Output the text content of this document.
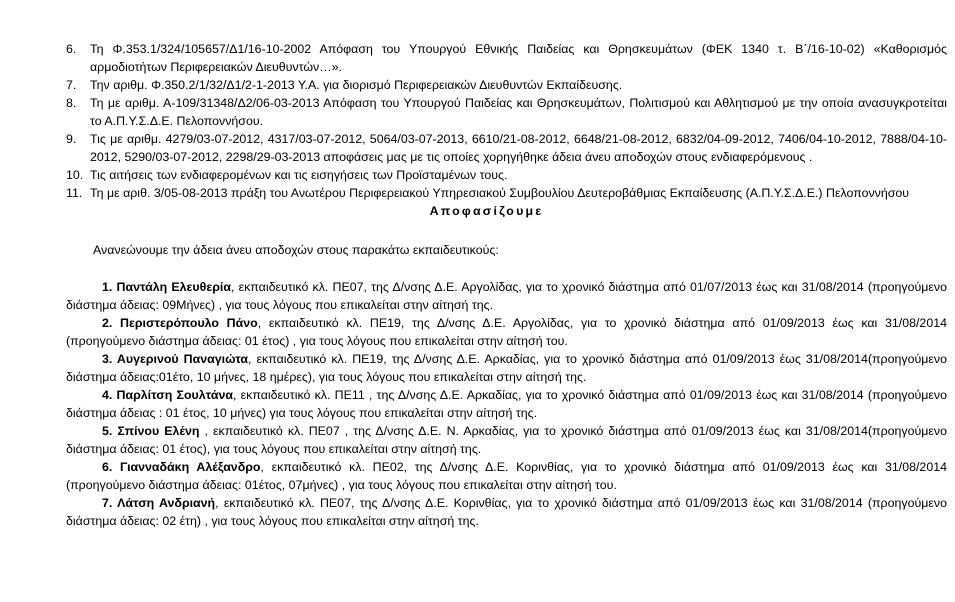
6. Τη Φ.353.1/324/105657/Δ1/16-10-2002 Απόφαση του Υπουργού Εθνικής Παιδείας και Θρησκευμάτων (ΦΕΚ 1340 τ. Β΄/16-10-02) «Καθορισμός αρμοδιοτήτων Περιφερειακών Διευθυντών…».
7. Την αριθμ. Φ.350.2/1/32/Δ1/2-1-2013 Υ.Α. για διορισμό Περιφερειακών Διευθυντών Εκπαίδευσης.
8. Τη με αριθμ. Α-109/31348/Δ2/06-03-2013 Απόφαση του Υπουργού Παιδείας και Θρησκευμάτων, Πολιτισμού και Αθλητισμού με την οποία ανασυγκροτείται το Α.Π.Υ.Σ.Δ.Ε. Πελοποννήσου.
9. Τις με αριθμ. 4279/03-07-2012, 4317/03-07-2012, 5064/03-07-2013, 6610/21-08-2012, 6648/21-08-2012, 6832/04-09-2012, 7406/04-10-2012, 7888/04-10-2012, 5290/03-07-2012, 2298/29-03-2013 αποφάσεις μας με τις οποίες χορηγήθηκε άδεια άνευ αποδοχών στους ενδιαφερόμενους .
10. Τις αιτήσεις των ενδιαφερομένων και τις εισηγήσεις των Προϊσταμένων τους.
11. Τη με αριθ. 3/05-08-2013 πράξη του Ανωτέρου Περιφερειακού Υπηρεσιακού Συμβουλίου Δευτεροβάθμιας Εκπαίδευσης (Α.Π.Υ.Σ.Δ.Ε.) Πελοποννήσου
Αποφασίζουμε
Ανανεώνουμε την άδεια άνευ αποδοχών στους παρακάτω εκπαιδευτικούς:
1. Παντάλη Ελευθερία, εκπαιδευτικό κλ. ΠΕ07, της Δ/νσης Δ.Ε. Αργολίδας, για το χρονικό διάστημα από 01/07/2013 έως και 31/08/2014 (προηγούμενο διάστημα άδειας: 09Μήνες) , για τους λόγους που επικαλείται στην αίτησή της.
2. Περιστερόπουλο Πάνο, εκπαιδευτικό κλ. ΠΕ19, της Δ/νσης Δ.Ε. Αργολίδας, για το χρονικό διάστημα από 01/09/2013 έως και 31/08/2014 (προηγούμενο διάστημα άδειας: 01 έτος) , για τους λόγους που επικαλείται στην αίτησή του.
3. Αυγερινού Παναγιώτα, εκπαιδευτικό κλ. ΠΕ19, της Δ/νσης Δ.Ε. Αρκαδίας, για το χρονικό διάστημα από 01/09/2013 έως 31/08/2014(προηγούμενο διάστημα άδειας:01έτο, 10 μήνες, 18 ημέρες), για τους λόγους που επικαλείται στην αίτησή της.
4. Παρλίτση Σουλτάνα, εκπαιδευτικό κλ. ΠΕ11 , της Δ/νσης Δ.Ε. Αρκαδίας, για το χρονικό διάστημα από 01/09/2013 έως και 31/08/2014 (προηγούμενο διάστημα άδειας : 01 έτος, 10 μήνες) για τους λόγους που επικαλείται στην αίτησή της.
5. Σπίνου Ελένη , εκπαιδευτικό κλ. ΠΕ07 , της Δ/νσης Δ.Ε. Ν. Αρκαδίας, για το χρονικό διάστημα από 01/09/2013 έως και 31/08/2014(προηγούμενο διάστημα άδειας: 01 έτος), για τους λόγους που επικαλείται στην αίτησή της.
6. Γιανναδάκη Αλέξανδρο, εκπαιδευτικό κλ. ΠΕ02, της Δ/νσης Δ.Ε. Κορινθίας, για το χρονικό διάστημα από 01/09/2013 έως και 31/08/2014 (προηγούμενο διάστημα άδειας: 01έτος, 07μήνες) , για τους λόγους που επικαλείται στην αίτησή του.
7. Λάτση Ανδριανή, εκπαιδευτικό κλ. ΠΕ07, της Δ/νσης Δ.Ε. Κορινθίας, για το χρονικό διάστημα από 01/09/2013 έως και 31/08/2014 (προηγούμενο διάστημα άδειας: 02 έτη) , για τους λόγους που επικαλείται στην αίτησή της.
